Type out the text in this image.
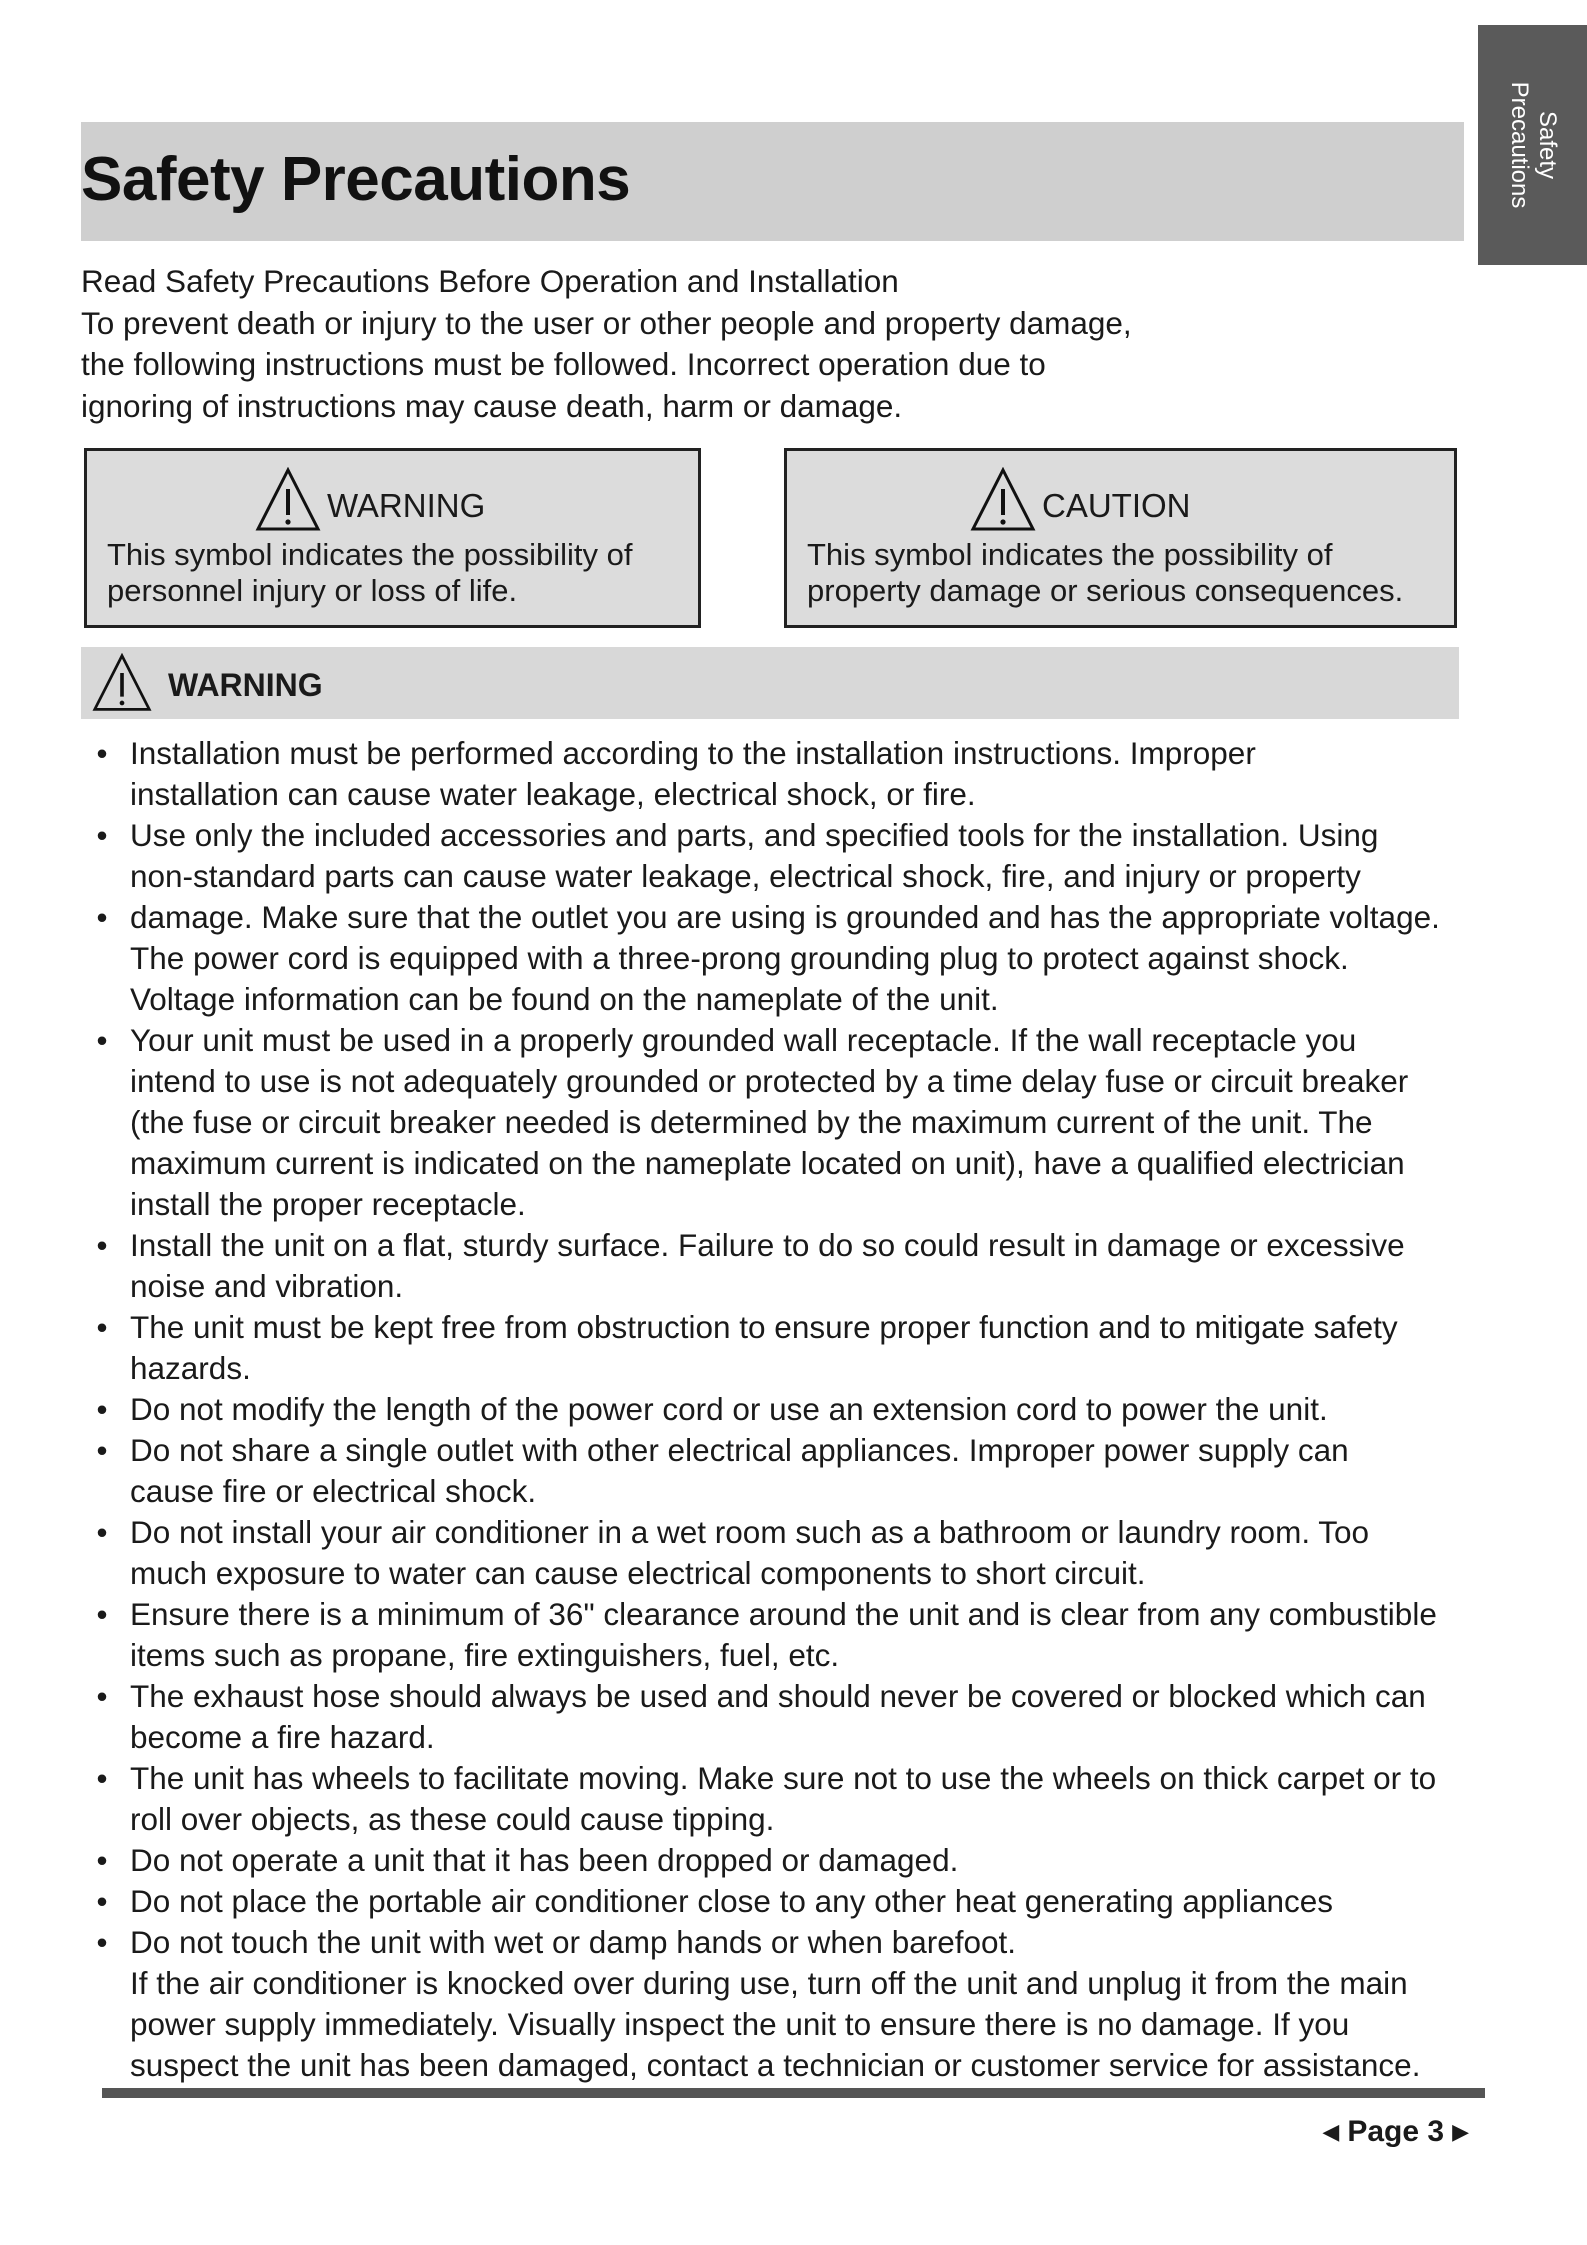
Safety
Precautions
Safety Precautions
Read Safety Precautions Before Operation and Installation
To prevent death or injury to the user or other people and property damage,
the following instructions must be followed. Incorrect operation due to
ignoring of instructions may cause death, harm or damage.
WARNING
This symbol indicates the possibility of
personnel injury or loss of life.
CAUTION
This symbol indicates the possibility of
property damage or serious consequences.
WARNING
• Installation must be performed according to the installation instructions. Improper
installation can cause water leakage, electrical shock, or fire.
• Use only the included accessories and parts, and specified tools for the installation. Using
non-standard parts can cause water leakage, electrical shock, fire, and injury or property
• damage. Make sure that the outlet you are using is grounded and has the appropriate voltage.
The power cord is equipped with a three-prong grounding plug to protect against shock.
Voltage information can be found on the nameplate of the unit.
• Your unit must be used in a properly grounded wall receptacle. If the wall receptacle you
intend to use is not adequately grounded or protected by a time delay fuse or circuit breaker
(the fuse or circuit breaker needed is determined by the maximum current of the unit. The
maximum current is indicated on the nameplate located on unit), have a qualified electrician
install the proper receptacle.
• Install the unit on a flat, sturdy surface. Failure to do so could result in damage or excessive
noise and vibration.
• The unit must be kept free from obstruction to ensure proper function and to mitigate safety
hazards.
• Do not modify the length of the power cord or use an extension cord to power the unit.
• Do not share a single outlet with other electrical appliances. Improper power supply can
cause fire or electrical shock.
• Do not install your air conditioner in a wet room such as a bathroom or laundry room. Too
much exposure to water can cause electrical components to short circuit.
• Ensure there is a minimum of 36" clearance around the unit and is clear from any combustible
items such as propane, fire extinguishers, fuel, etc.
• The exhaust hose should always be used and should never be covered or blocked which can
become a fire hazard.
• The unit has wheels to facilitate moving. Make sure not to use the wheels on thick carpet or to
roll over objects, as these could cause tipping.
• Do not operate a unit that it has been dropped or damaged.
• Do not place the portable air conditioner close to any other heat generating appliances
• Do not touch the unit with wet or damp hands or when barefoot.
If the air conditioner is knocked over during use, turn off the unit and unplug it from the main
power supply immediately. Visually inspect the unit to ensure there is no damage. If you
suspect the unit has been damaged, contact a technician or customer service for assistance.
◀ Page 3 ▶
